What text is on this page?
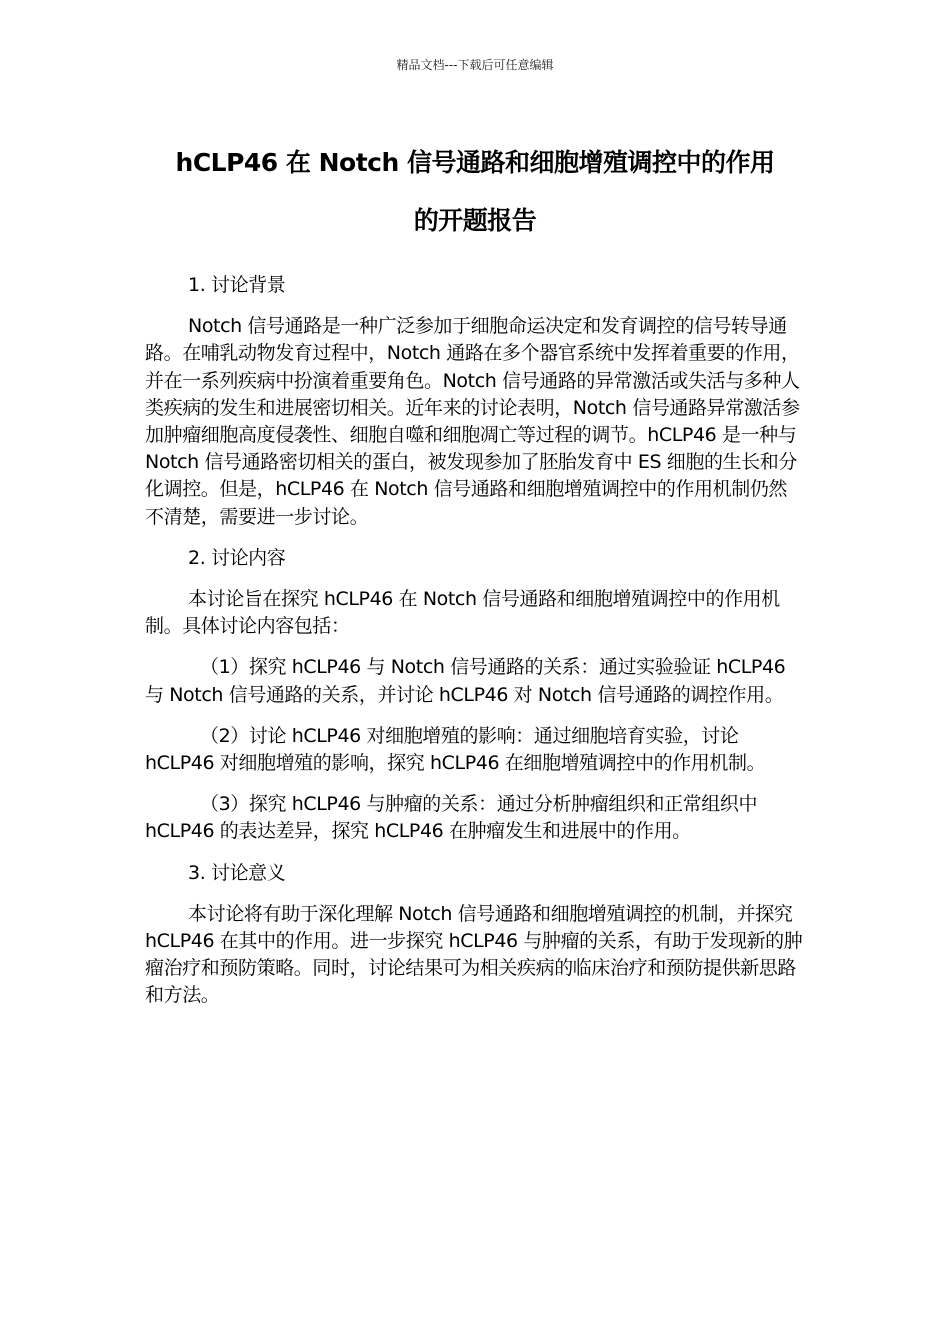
精品文档---下载后可任意编辑
hCLP46 在 Notch 信号通路和细胞增殖调控中的作用
的开题报告
1. 讨论背景
Notch 信号通路是一种广泛参加于细胞命运决定和发育调控的信号转导通路。在哺乳动物发育过程中，Notch 通路在多个器官系统中发挥着重要的作用，并在一系列疾病中扮演着重要角色。Notch 信号通路的异常激活或失活与多种人类疾病的发生和进展密切相关。近年来的讨论表明，Notch 信号通路异常激活参加肿瘤细胞高度侵袭性、细胞自噬和细胞凋亡等过程的调节。hCLP46 是一种与 Notch 信号通路密切相关的蛋白，被发现参加了胚胎发育中 ES 细胞的生长和分化调控。但是，hCLP46 在 Notch 信号通路和细胞增殖调控中的作用机制仍然不清楚，需要进一步讨论。
2. 讨论内容
本讨论旨在探究 hCLP46 在 Notch 信号通路和细胞增殖调控中的作用机制。具体讨论内容包括：
（1）探究 hCLP46 与 Notch 信号通路的关系：通过实验验证 hCLP46 与 Notch 信号通路的关系，并讨论 hCLP46 对 Notch 信号通路的调控作用。
（2）讨论 hCLP46 对细胞增殖的影响：通过细胞培育实验，讨论 hCLP46 对细胞增殖的影响，探究 hCLP46 在细胞增殖调控中的作用机制。
（3）探究 hCLP46 与肿瘤的关系：通过分析肿瘤组织和正常组织中 hCLP46 的表达差异，探究 hCLP46 在肿瘤发生和进展中的作用。
3. 讨论意义
本讨论将有助于深化理解 Notch 信号通路和细胞增殖调控的机制，并探究 hCLP46 在其中的作用。进一步探究 hCLP46 与肿瘤的关系，有助于发现新的肿瘤治疗和预防策略。同时，讨论结果可为相关疾病的临床治疗和预防提供新思路和方法。
